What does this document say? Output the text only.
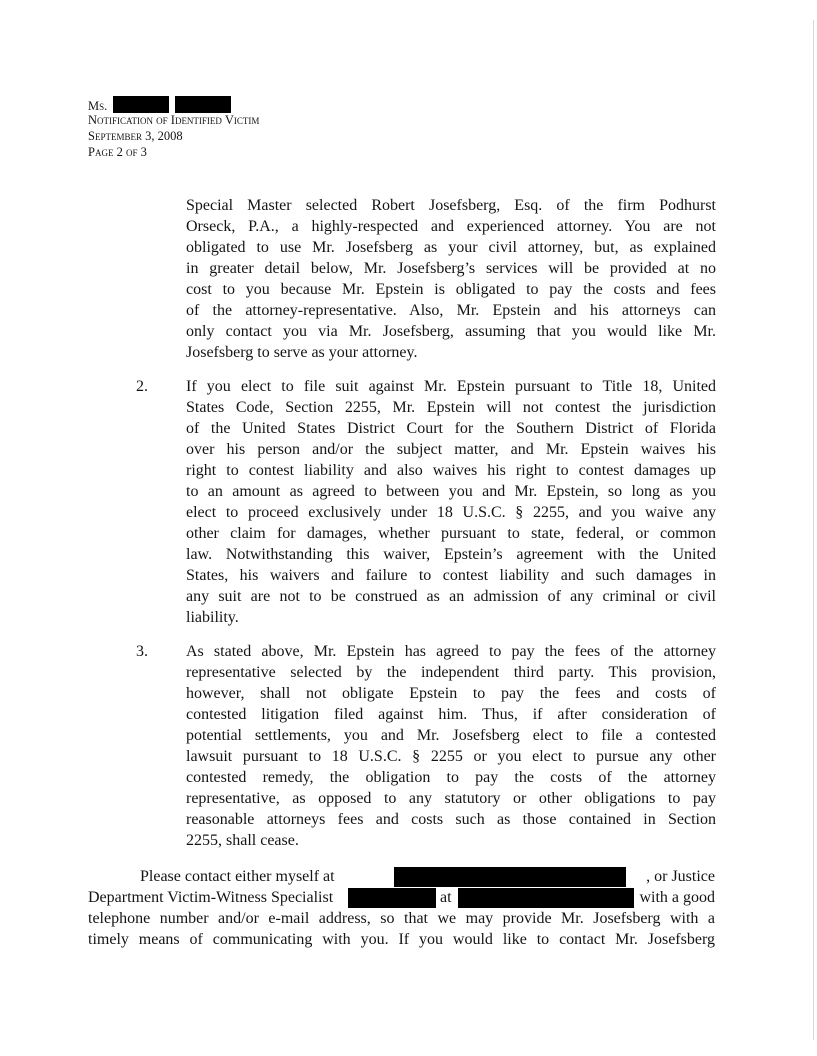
Ms.
Notification of Identified Victim
September 3, 2008
Page 2 of 3
Special Master selected Robert Josefsberg, Esq. of the firm Podhurst
Orseck, P.A., a highly-respected and experienced attorney. You are not
obligated to use Mr. Josefsberg as your civil attorney, but, as explained
in greater detail below, Mr. Josefsberg’s services will be provided at no
cost to you because Mr. Epstein is obligated to pay the costs and fees
of the attorney-representative. Also, Mr. Epstein and his attorneys can
only contact you via Mr. Josefsberg, assuming that you would like Mr.
Josefsberg to serve as your attorney.
2. If you elect to file suit against Mr. Epstein pursuant to Title 18, United
States Code, Section 2255, Mr. Epstein will not contest the jurisdiction
of the United States District Court for the Southern District of Florida
over his person and/or the subject matter, and Mr. Epstein waives his
right to contest liability and also waives his right to contest damages up
to an amount as agreed to between you and Mr. Epstein, so long as you
elect to proceed exclusively under 18 U.S.C. § 2255, and you waive any
other claim for damages, whether pursuant to state, federal, or common
law. Notwithstanding this waiver, Epstein’s agreement with the United
States, his waivers and failure to contest liability and such damages in
any suit are not to be construed as an admission of any criminal or civil
liability.
3. As stated above, Mr. Epstein has agreed to pay the fees of the attorney
representative selected by the independent third party. This provision,
however, shall not obligate Epstein to pay the fees and costs of
contested litigation filed against him. Thus, if after consideration of
potential settlements, you and Mr. Josefsberg elect to file a contested
lawsuit pursuant to 18 U.S.C. § 2255 or you elect to pursue any other
contested remedy, the obligation to pay the costs of the attorney
representative, as opposed to any statutory or other obligations to pay
reasonable attorneys fees and costs such as those contained in Section
2255, shall cease.
Please contact either myself at	, or Justice
Department Victim-Witness Specialist	at	with a good
telephone number and/or e-mail address, so that we may provide Mr. Josefsberg with a
timely means of communicating with you. If you would like to contact Mr. Josefsberg
